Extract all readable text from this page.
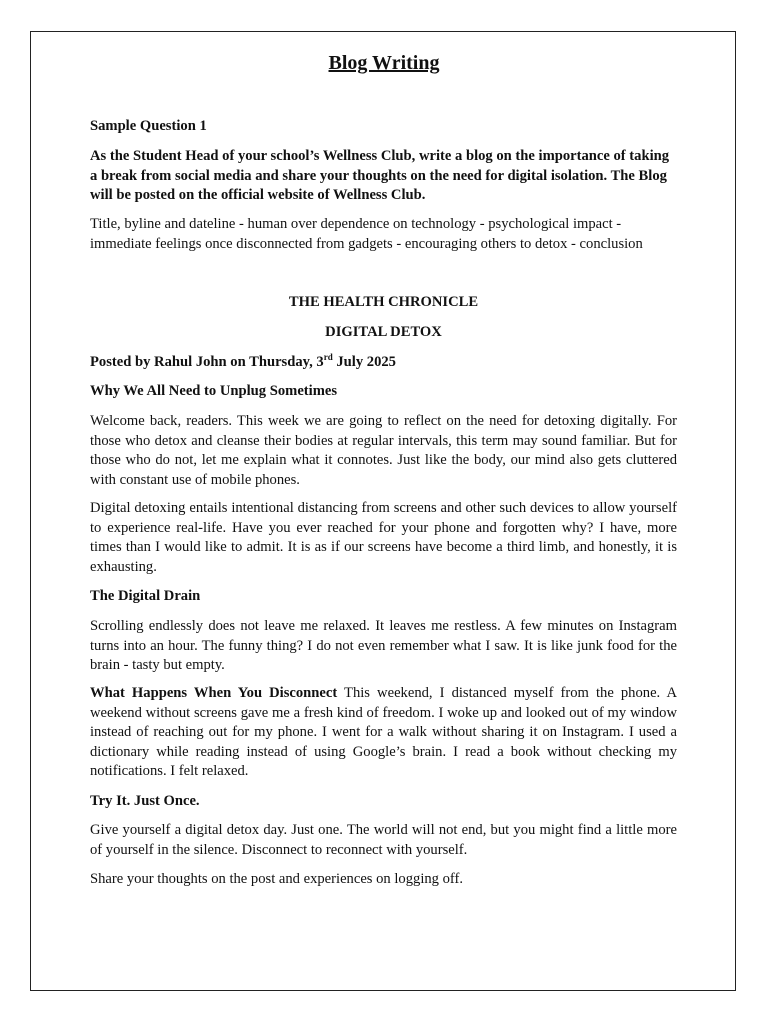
Blog Writing

Sample Question 1

As the Student Head of your school’s Wellness Club, write a blog on the importance of taking a break from social media and share your thoughts on the need for digital isolation. The Blog will be posted on the official website of Wellness Club.

Title, byline and dateline - human over dependence on technology - psychological impact - immediate feelings once disconnected from gadgets - encouraging others to detox - conclusion

THE HEALTH CHRONICLE

DIGITAL DETOX

Posted by Rahul John on Thursday, 3rd July 2025

Why We All Need to Unplug Sometimes

Welcome back, readers. This week we are going to reflect on the need for detoxing digitally. For those who detox and cleanse their bodies at regular intervals, this term may sound familiar. But for those who do not, let me explain what it connotes. Just like the body, our mind also gets cluttered with constant use of mobile phones.

Digital detoxing entails intentional distancing from screens and other such devices to allow yourself to experience real-life. Have you ever reached for your phone and forgotten why? I have, more times than I would like to admit. It is as if our screens have become a third limb, and honestly, it is exhausting.

The Digital Drain

Scrolling endlessly does not leave me relaxed. It leaves me restless. A few minutes on Instagram turns into an hour. The funny thing? I do not even remember what I saw. It is like junk food for the brain - tasty but empty.

What Happens When You Disconnect This weekend, I distanced myself from the phone. A weekend without screens gave me a fresh kind of freedom. I woke up and looked out of my window instead of reaching out for my phone. I went for a walk without sharing it on Instagram. I used a dictionary while reading instead of using Google’s brain. I read a book without checking my notifications. I felt relaxed.

Try It. Just Once.

Give yourself a digital detox day. Just one. The world will not end, but you might find a little more of yourself in the silence. Disconnect to reconnect with yourself.

Share your thoughts on the post and experiences on logging off.
